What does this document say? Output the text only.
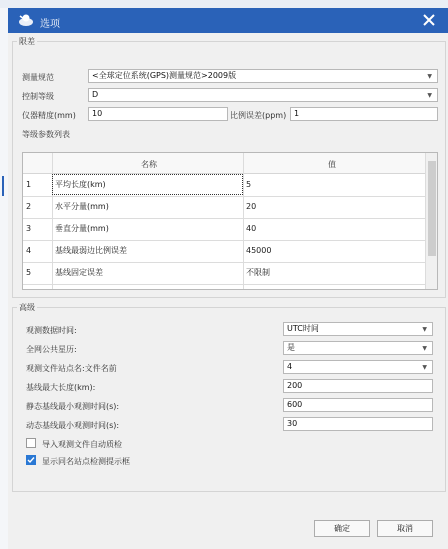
选项
限差
测量规范	<全球定位系统(GPS)测量规范>2009版	▼
控制等级	D	▼
仪器精度(mm)	10	比例误差(ppm) 1
等级参数列表
名称	值
1	平均长度(km)	5
2	水平分量(mm)	20
3	垂直分量(mm)	40
4	基线最弱边比例误差	45000
5	基线固定误差	不限制
高级
观测数据时间:	UTC时间	▼
全网公共星历:	是	▼
观测文件站点名:文件名前	4	▼
基线最大长度(km):	200
静态基线最小观测时间(s):	600
动态基线最小观测时间(s):	30
导入观测文件自动质检
显示同名站点检测提示框
确定	取消
